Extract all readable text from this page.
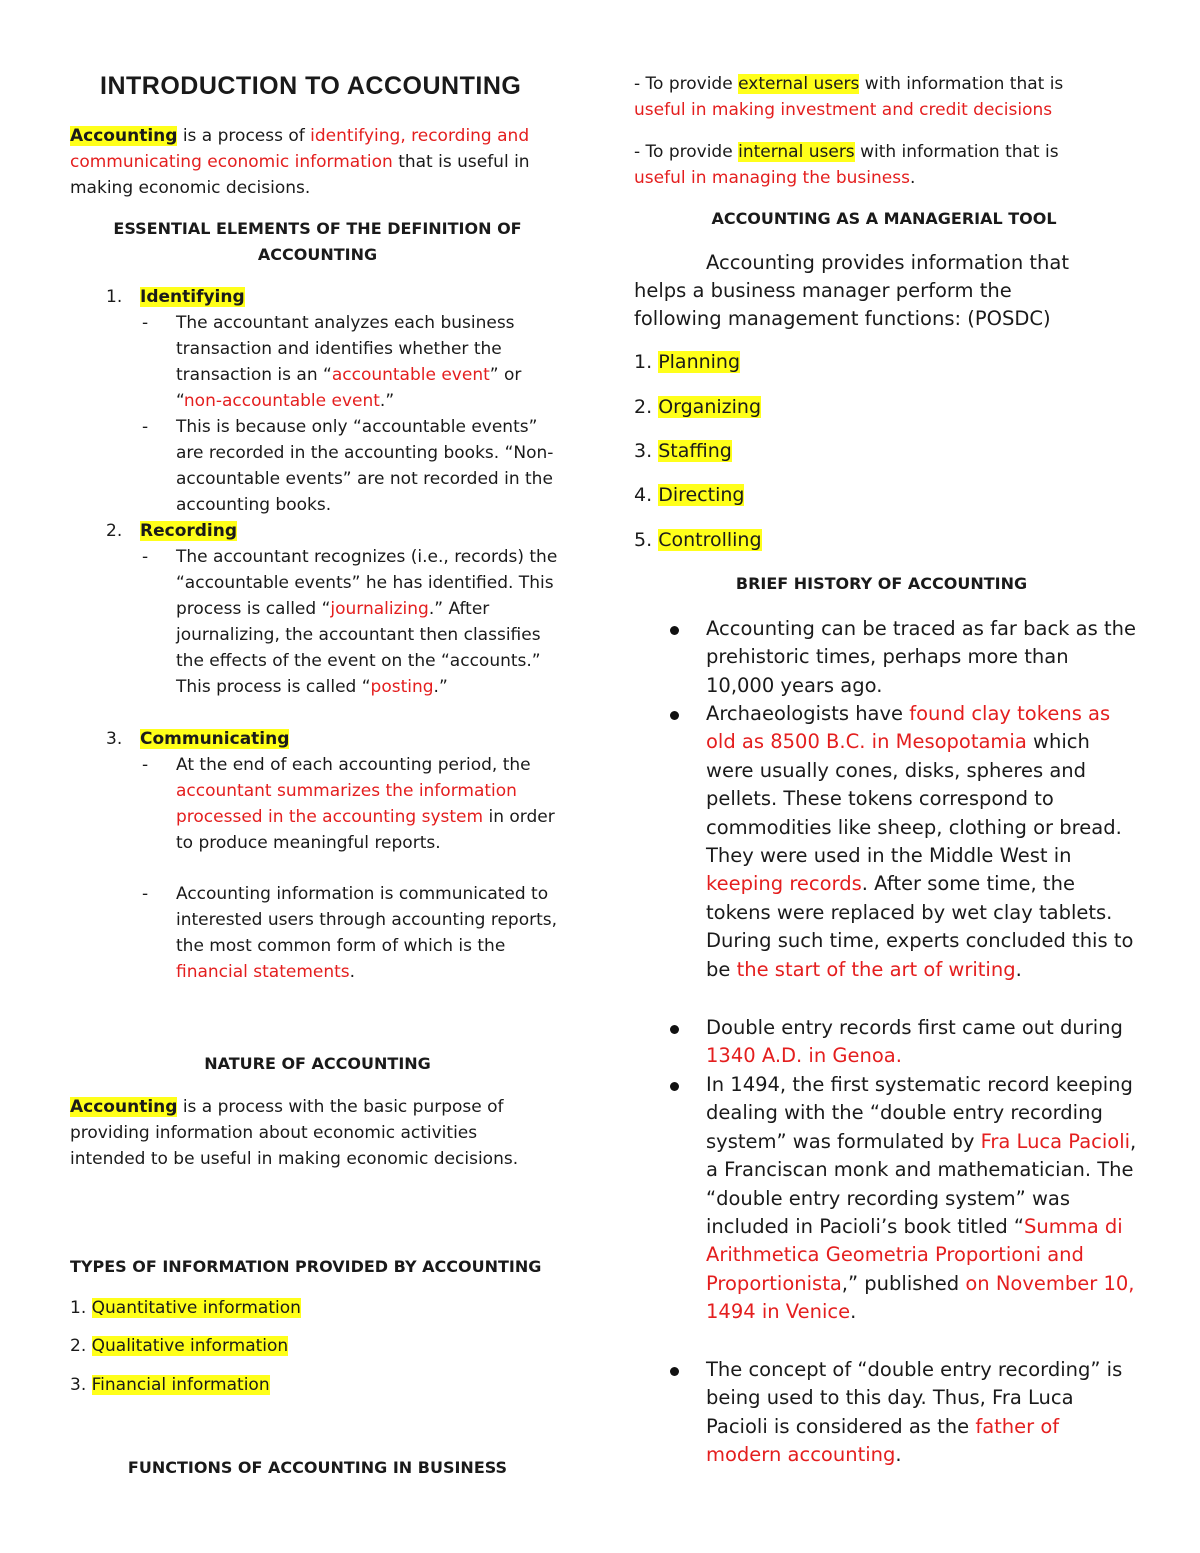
INTRODUCTION TO ACCOUNTING
Accounting is a process of identifying, recording and communicating economic information that is useful in making economic decisions.
ESSENTIAL ELEMENTS OF THE DEFINITION OF
ACCOUNTING
1. Identifying
- The accountant analyzes each business transaction and identifies whether the transaction is an “accountable event” or “non-accountable event.”
- This is because only “accountable events” are recorded in the accounting books. “Non-accountable events” are not recorded in the accounting books.
2. Recording
- The accountant recognizes (i.e., records) the “accountable events” he has identified. This process is called “journalizing.” After journalizing, the accountant then classifies the effects of the event on the “accounts.” This process is called “posting.”
3. Communicating
- At the end of each accounting period, the accountant summarizes the information processed in the accounting system in order to produce meaningful reports.
- Accounting information is communicated to interested users through accounting reports, the most common form of which is the financial statements.
NATURE OF ACCOUNTING
Accounting is a process with the basic purpose of providing information about economic activities intended to be useful in making economic decisions.
TYPES OF INFORMATION PROVIDED BY ACCOUNTING
1. Quantitative information
2. Qualitative information
3. Financial information
FUNCTIONS OF ACCOUNTING IN BUSINESS
- To provide external users with information that is
useful in making investment and credit decisions
- To provide internal users with information that is
useful in managing the business.
ACCOUNTING AS A MANAGERIAL TOOL
Accounting provides information that
helps a business manager perform the
following management functions: (POSDC)
1. Planning
2. Organizing
3. Staffing
4. Directing
5. Controlling
BRIEF HISTORY OF ACCOUNTING
Accounting can be traced as far back as the prehistoric times, perhaps more than 10,000 years ago.
Archaeologists have found clay tokens as old as 8500 B.C. in Mesopotamia which were usually cones, disks, spheres and pellets. These tokens correspond to commodities like sheep, clothing or bread. They were used in the Middle West in keeping records. After some time, the tokens were replaced by wet clay tablets. During such time, experts concluded this to be the start of the art of writing.
Double entry records first came out during 1340 A.D. in Genoa.
In 1494, the first systematic record keeping dealing with the “double entry recording system” was formulated by Fra Luca Pacioli, a Franciscan monk and mathematician. The “double entry recording system” was included in Pacioli’s book titled “Summa di Arithmetica Geometria Proportioni and Proportionista,” published on November 10, 1494 in Venice.
The concept of “double entry recording” is being used to this day. Thus, Fra Luca Pacioli is considered as the father of modern accounting.
